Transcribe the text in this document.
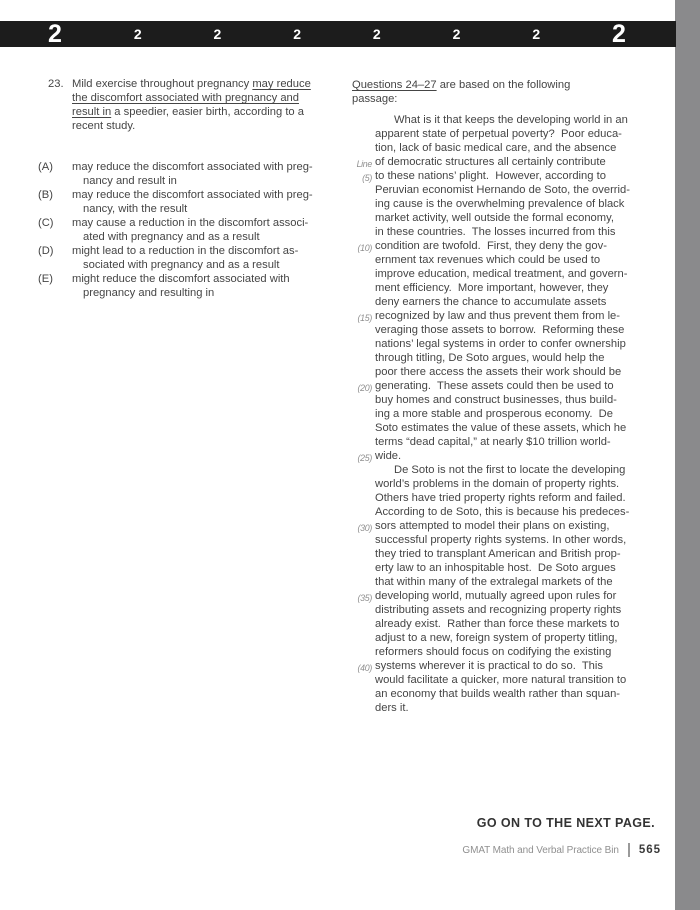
2	2	2	2	2	2	2	2
23. Mild exercise throughout pregnancy may reduce
the discomfort associated with pregnancy and
result in a speedier, easier birth, according to a
recent study.
(A)	may reduce the discomfort associated with preg-
nancy and result in
(B)	may reduce the discomfort associated with preg-
nancy, with the result
(C)	may cause a reduction in the discomfort associ-
ated with pregnancy and as a result
(D)	might lead to a reduction in the discomfort as-
sociated with pregnancy and as a result
(E)	might reduce the discomfort associated with
pregnancy and resulting in
Questions 24–27 are based on the following
passage:
What is it that keeps the developing world in an
apparent state of perpetual poverty?  Poor educa-
tion, lack of basic medical care, and the absence
Line of democratic structures all certainly contribute
(5) to these nations’ plight.  However, according to
Peruvian economist Hernando de Soto, the overrid-
ing cause is the overwhelming prevalence of black
market activity, well outside the formal economy,
in these countries.  The losses incurred from this
(10) condition are twofold.  First, they deny the gov-
ernment tax revenues which could be used to
improve education, medical treatment, and govern-
ment efficiency.  More important, however, they
deny earners the chance to accumulate assets
(15) recognized by law and thus prevent them from le-
veraging those assets to borrow.  Reforming these
nations’ legal systems in order to confer ownership
through titling, De Soto argues, would help the
poor there access the assets their work should be
(20) generating.  These assets could then be used to
buy homes and construct businesses, thus build-
ing a more stable and prosperous economy.  De
Soto estimates the value of these assets, which he
terms “dead capital,” at nearly $10 trillion world-
(25) wide.
De Soto is not the first to locate the developing
world’s problems in the domain of property rights.
Others have tried property rights reform and failed.
According to de Soto, this is because his predeces-
(30) sors attempted to model their plans on existing,
successful property rights systems. In other words,
they tried to transplant American and British prop-
erty law to an inhospitable host.  De Soto argues
that within many of the extralegal markets of the
(35) developing world, mutually agreed upon rules for
distributing assets and recognizing property rights
already exist.  Rather than force these markets to
adjust to a new, foreign system of property titling,
reformers should focus on codifying the existing
(40) systems wherever it is practical to do so.  This
would facilitate a quicker, more natural transition to
an economy that builds wealth rather than squan-
ders it.
GO ON TO THE NEXT PAGE.
GMAT Math and Verbal Practice Bin 565
